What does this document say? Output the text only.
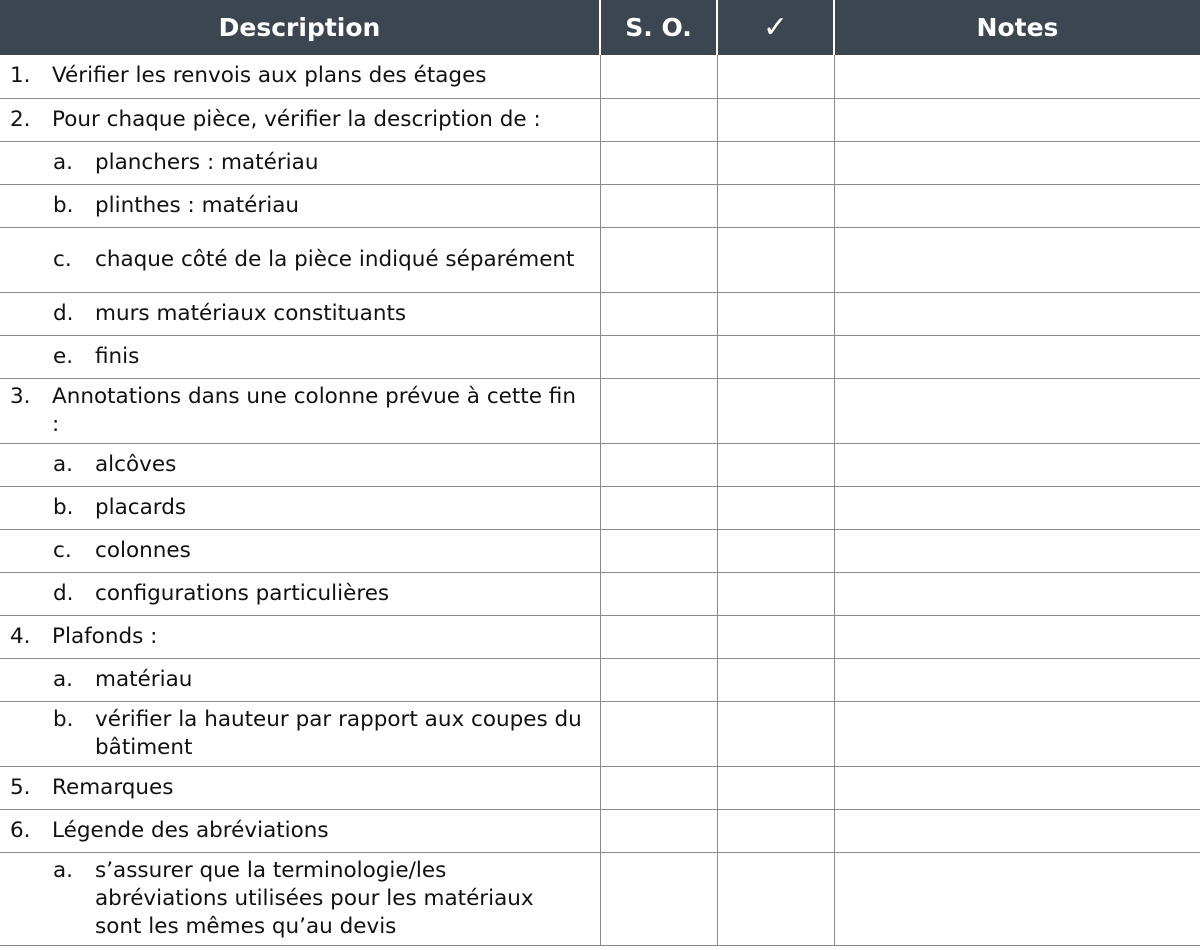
Description	S. O.	✓	Notes

1. Vérifier les renvois aux plans des étages			

2. Pour chaque pièce, vérifier la description de :			

a. planchers : matériau			

b. plinthes : matériau			

c. chaque côté de la pièce indiqué séparément			

d. murs matériaux constituants			

e. finis			

3. Annotations dans une colonne prévue à cette fin :			

a. alcôves			

b. placards			

c. colonnes			

d. configurations particulières			

4. Plafonds :			

a. matériau			

b. vérifier la hauteur par rapport aux coupes du bâtiment			

5. Remarques			

6. Légende des abréviations			

a. s’assurer que la terminologie/les abréviations utilisées pour les matériaux sont les mêmes qu’au devis			
